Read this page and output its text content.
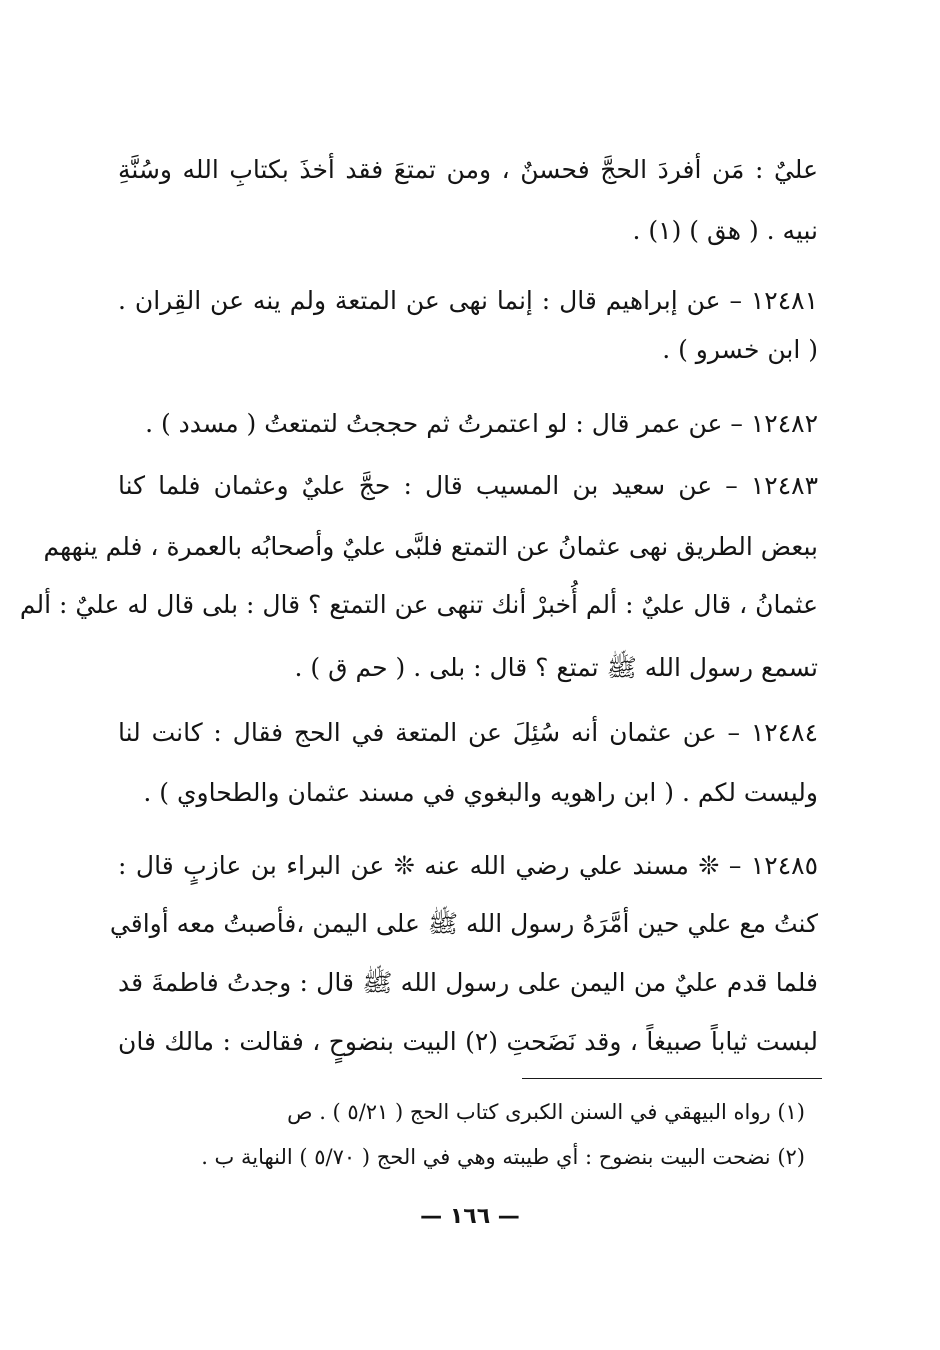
عليٌ : مَن أفردَ الحجَّ فحسنٌ ، ومن تمتعَ فقد أخذَ بكتابِ الله وسُنَّةِ
نبيه . ( هق ) (١) .
١٢٤٨١ – عن إبراهيم قال : إنما نهى عن المتعة ولم ينه عن القِران .
( ابن خسرو ) .
١٢٤٨٢ – عن عمر قال : لو اعتمرتُ ثم حججتُ لتمتعتُ ( مسدد ) .
١٢٤٨٣ – عن سعيد بن المسيب قال : حجَّ عليٌ وعثمان فلما كنا
ببعض الطريق نهى عثمانُ عن التمتع فلبَّى عليٌ وأصحابُه بالعمرة ، فلم ينههم
عثمانُ ، قال عليٌ : ألم أُخبرْ أنك تنهى عن التمتع ؟ قال : بلى قال له عليٌ : ألم
تسمع رسول الله ﷺ تمتع ؟ قال : بلى . ( حم ق ) .
١٢٤٨٤ – عن عثمان أنه سُئِلَ عن المتعة في الحج فقال : كانت لنا
وليست لكم . ( ابن راهويه والبغوي في مسند عثمان والطحاوي ) .
١٢٤٨٥ – ❊ مسند علي رضي الله عنه ❊ عن البراء بن عازبٍ قال :
كنتُ مع علي حين أمَّرَهُ رسول الله ﷺ على اليمن ،فأصبتُ معه أواقي
فلما قدم عليٌ من اليمن على رسول الله ﷺ قال : وجدتُ فاطمةَ قد
لبست ثياباً صبيغاً ، وقد نَضَحتِ (٢) البيت بنضوحٍ ، فقالت : مالك فان
(١) رواه البيهقي في السنن الكبرى كتاب الحج ( ٥/٢١ ) . ص
(٢) نضحت البيت بنضوح : أي طيبته وهي في الحج ( ٥/٧٠ ) النهاية ب .
— ١٦٦ —
